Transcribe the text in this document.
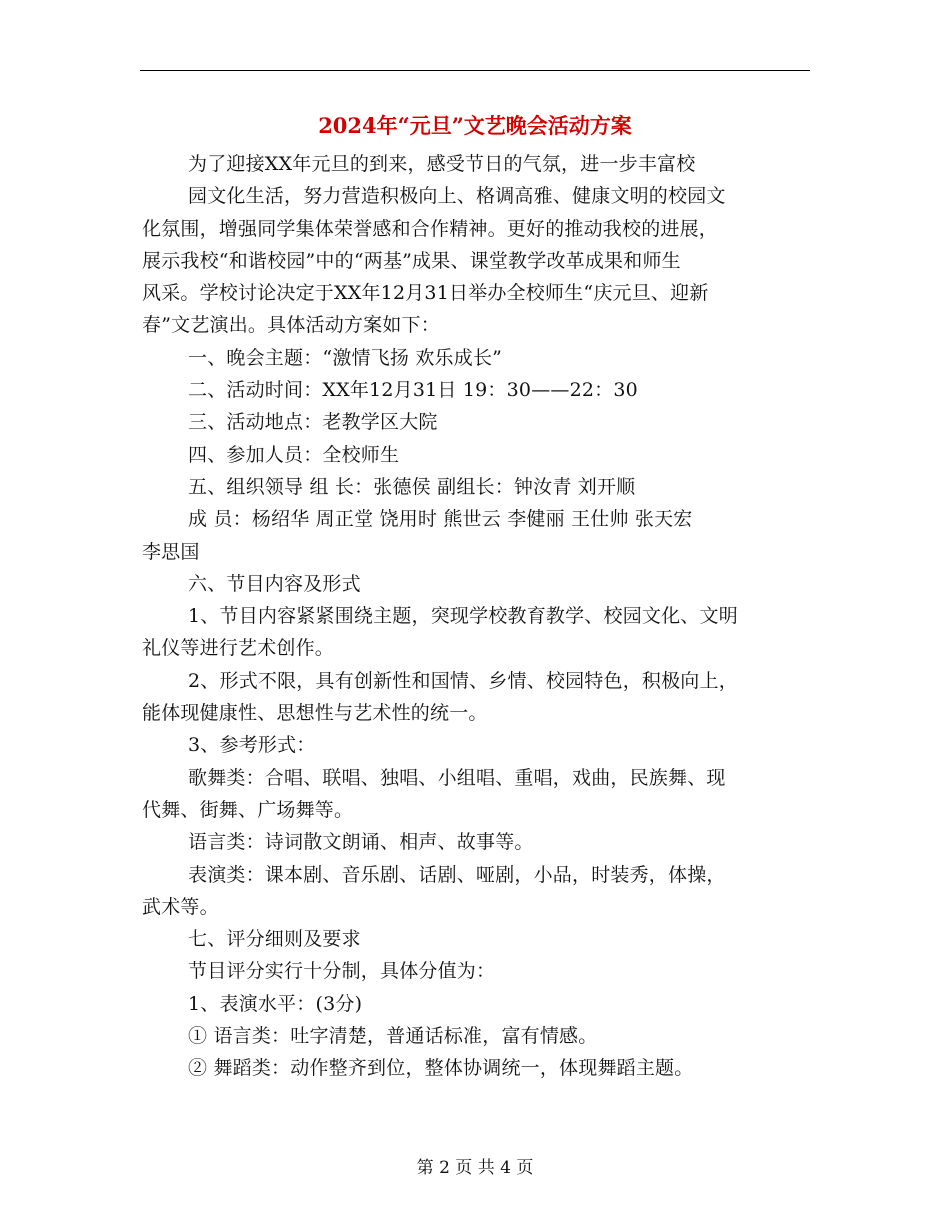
2024年“元旦”文艺晚会活动方案
为了迎接XX年元旦的到来，感受节日的气氛，进一步丰富校
园文化生活，努力营造积极向上、格调高雅、健康文明的校园文
化氛围，增强同学集体荣誉感和合作精神。更好的推动我校的进展，
展示我校“和谐校园”中的“两基”成果、课堂教学改革成果和师生
风采。学校讨论决定于XX年12月31日举办全校师生“庆元旦、迎新
春”文艺演出。具体活动方案如下：
一、晚会主题：“激情飞扬 欢乐成长”
二、活动时间：XX年12月31日 19：30——22：30
三、活动地点：老教学区大院
四、参加人员：全校师生
五、组织领导 组 长：张德侯 副组长：钟汝青 刘开顺
成 员：杨绍华 周正堂 饶用时 熊世云 李健丽 王仕帅 张天宏
李思国
六、节目内容及形式
1、节目内容紧紧围绕主题，突现学校教育教学、校园文化、文明
礼仪等进行艺术创作。
2、形式不限，具有创新性和国情、乡情、校园特色，积极向上，
能体现健康性、思想性与艺术性的统一。
3、参考形式：
歌舞类：合唱、联唱、独唱、小组唱、重唱，戏曲，民族舞、现
代舞、街舞、广场舞等。
语言类：诗词散文朗诵、相声、故事等。
表演类：课本剧、音乐剧、话剧、哑剧，小品，时装秀，体操，
武术等。
七、评分细则及要求
节目评分实行十分制，具体分值为：
1、表演水平：(3分)
① 语言类：吐字清楚，普通话标准，富有情感。
② 舞蹈类：动作整齐到位，整体协调统一，体现舞蹈主题。
第 2 页 共 4 页
